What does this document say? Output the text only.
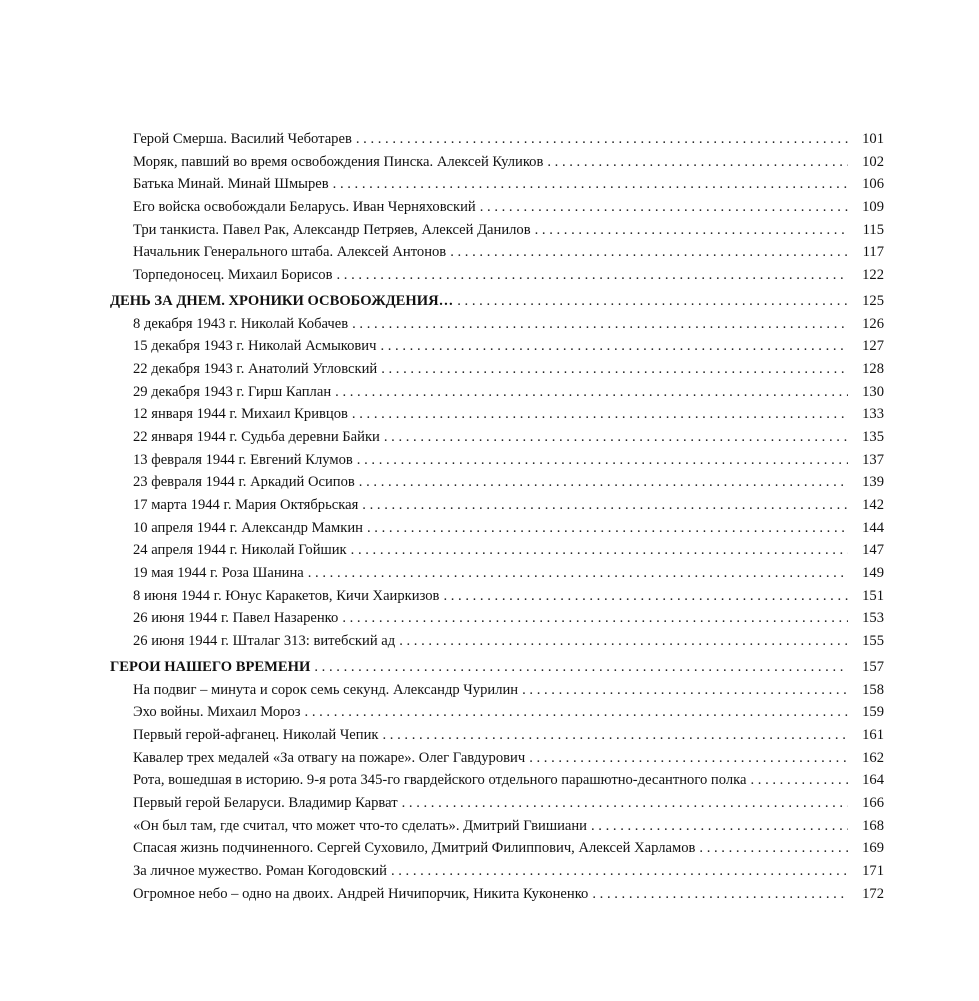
Герой Смерша. Василий Чеботарев . . .	101
Моряк, павший во время освобождения Пинска. Алексей Куликов . . .	102
Батька Минай. Минай Шмырев . . .	106
Его войска освобождали Беларусь. Иван Черняховский . . .	109
Три танкиста. Павел Рак, Александр Петряев, Алексей Данилов . . .	115
Начальник Генерального штаба. Алексей Антонов . . .	117
Торпедоносец. Михаил Борисов . . .	122
ДЕНЬ ЗА ДНЕМ. ХРОНИКИ ОСВОБОЖДЕНИЯ… . . .	125
8 декабря 1943 г. Николай Кобачев . . .	126
15 декабря 1943 г. Николай Асмыкович . . .	127
22 декабря 1943 г. Анатолий Угловский . . .	128
29 декабря 1943 г. Гирш Каплан . . .	130
12 января 1944 г. Михаил Кривцов . . .	133
22 января 1944 г. Судьба деревни Байки . . .	135
13 февраля 1944 г. Евгений Клумов . . .	137
23 февраля 1944 г. Аркадий Осипов . . .	139
17 марта 1944 г. Мария Октябрьская . . .	142
10 апреля 1944 г. Александр Мамкин . . .	144
24 апреля 1944 г. Николай Гойшик . . .	147
19 мая 1944 г. Роза Шанина . . .	149
8 июня 1944 г. Юнус Каракетов, Кичи Хаиркизов . . .	151
26 июня 1944 г. Павел Назаренко . . .	153
26 июня 1944 г. Шталаг 313: витебский ад . . .	155
ГЕРОИ НАШЕГО ВРЕМЕНИ . . .	157
На подвиг – минута и сорок семь секунд. Александр Чурилин . . .	158
Эхо войны. Михаил Мороз . . .	159
Первый герой-афганец. Николай Чепик . . .	161
Кавалер трех медалей «За отвагу на пожаре». Олег Гавдурович . . .	162
Рота, вошедшая в историю. 9-я рота 345-го гвардейского отдельного парашютно-десантного полка . . .	164
Первый герой Беларуси. Владимир Карват . . .	166
«Он был там, где считал, что может что-то сделать». Дмитрий Гвишиани . . .	168
Спасая жизнь подчиненного. Сергей Суховило, Дмитрий Филиппович, Алексей Харламов . . .	169
За личное мужество. Роман Когодовский . . .	171
Огромное небо – одно на двоих. Андрей Ничипорчик, Никита Куконенко . . .	172
